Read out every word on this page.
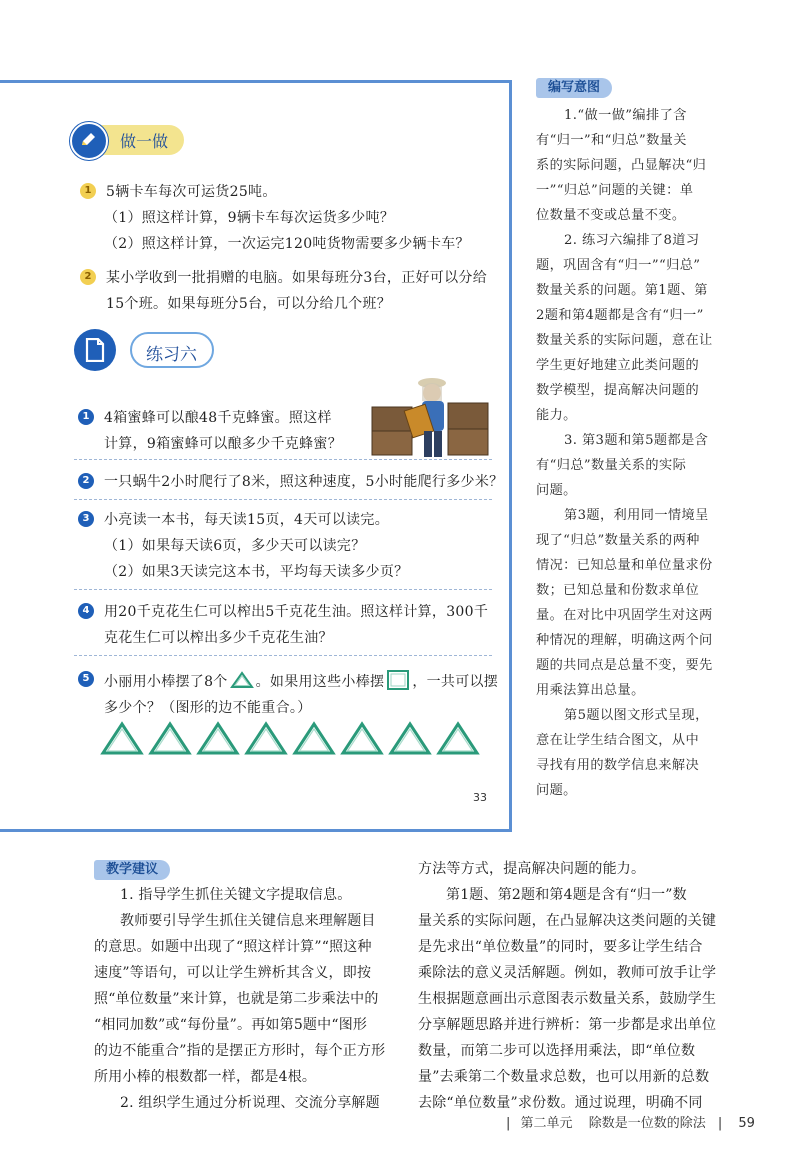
做一做
1	5辆卡车每次可运货25吨。
（1）照这样计算，9辆卡车每次运货多少吨？
（2）照这样计算，一次运完120吨货物需要多少辆卡车？
2	某小学收到一批捐赠的电脑。如果每班分3台，正好可以分给
15个班。如果每班分5台，可以分给几个班？
练习六
1	4箱蜜蜂可以酿48千克蜂蜜。照这样
计算，9箱蜜蜂可以酿多少千克蜂蜜？
2	一只蜗牛2小时爬行了8米，照这种速度，5小时能爬行多少米？
3	小亮读一本书，每天读15页，4天可以读完。
（1）如果每天读6页，多少天可以读完？
（2）如果3天读完这本书，平均每天读多少页？
4	用20千克花生仁可以榨出5千克花生油。照这样计算，300千
克花生仁可以榨出多少千克花生油？
5	小丽用小棒摆了8个 。如果用这些小棒摆 ，一共可以摆
多少个？（图形的边不能重合。）
33
编写意图
1.“做一做”编排了含
有“归一”和“归总”数量关
系的实际问题，凸显解决“归
一”“归总”问题的关键：单
位数量不变或总量不变。
2. 练习六编排了8道习
题，巩固含有“归一”“归总”
数量关系的问题。第1题、第
2题和第4题都是含有“归一”
数量关系的实际问题，意在让
学生更好地建立此类问题的
数学模型，提高解决问题的
能力。
3. 第3题和第5题都是含
有“归总”数量关系的实际
问题。
第3题，利用同一情境呈
现了“归总”数量关系的两种
情况：已知总量和单位量求份
数；已知总量和份数求单位
量。在对比中巩固学生对这两
种情况的理解，明确这两个问
题的共同点是总量不变，要先
用乘法算出总量。
第5题以图文形式呈现，
意在让学生结合图文，从中
寻找有用的数学信息来解决
问题。
教学建议
1. 指导学生抓住关键文字提取信息。
教师要引导学生抓住关键信息来理解题目
的意思。如题中出现了“照这样计算”“照这种
速度”等语句，可以让学生辨析其含义，即按
照“单位数量”来计算，也就是第二步乘法中的
“相同加数”或“每份量”。再如第5题中“图形
的边不能重合”指的是摆正方形时，每个正方形
所用小棒的根数都一样，都是4根。
2. 组织学生通过分析说理、交流分享解题
方法等方式，提高解决问题的能力。
第1题、第2题和第4题是含有“归一”数
量关系的实际问题，在凸显解决这类问题的关键
是先求出“单位数量”的同时，要多让学生结合
乘除法的意义灵活解题。例如，教师可放手让学
生根据题意画出示意图表示数量关系，鼓励学生
分享解题思路并进行辨析：第一步都是求出单位
数量，而第二步可以选择用乘法，即“单位数
量”去乘第二个数量求总数，也可以用新的总数
去除“单位数量”求份数。通过说理，明确不同
| 第二单元 除数是一位数的除法 | 59
